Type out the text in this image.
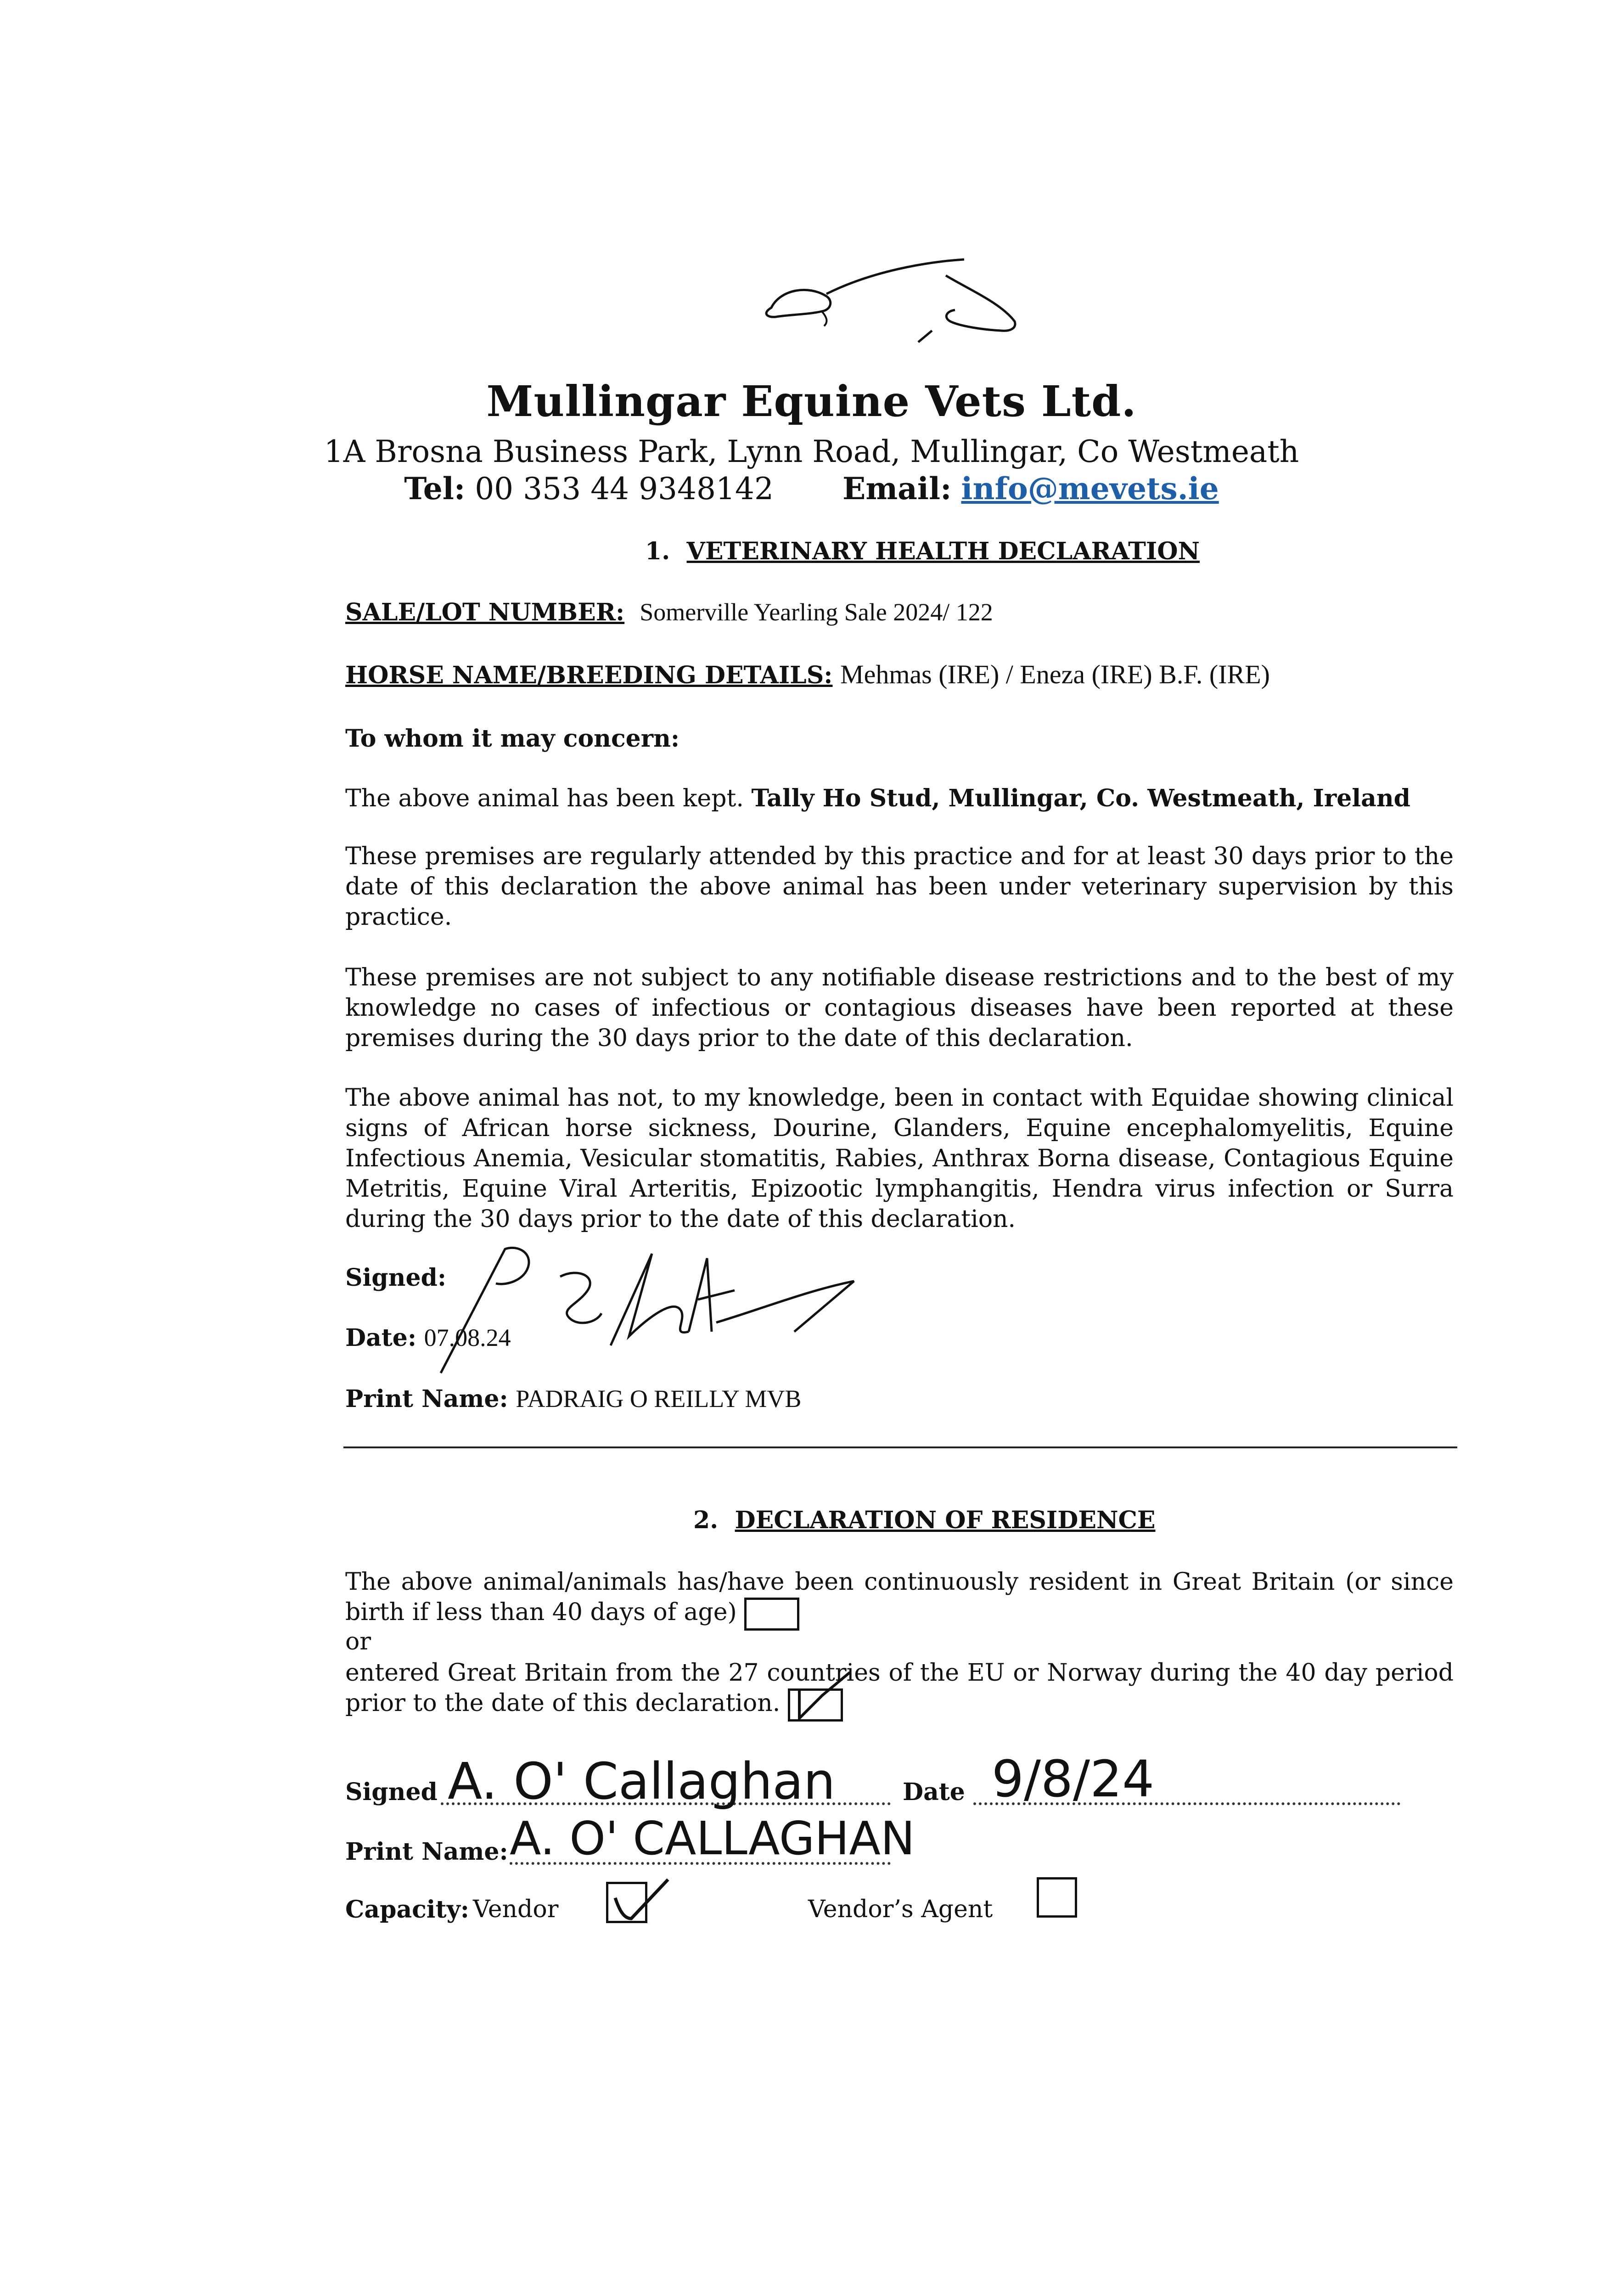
Mullingar Equine Vets Ltd.
1A Brosna Business Park, Lynn Road, Mullingar, Co Westmeath
Tel: 00 353 44 9348142 Email: info@mevets.ie
1. VETERINARY HEALTH DECLARATION
SALE/LOT NUMBER: Somerville Yearling Sale 2024/ 122
HORSE NAME/BREEDING DETAILS: Mehmas (IRE) / Eneza (IRE) B.F. (IRE)
To whom it may concern:
The above animal has been kept. Tally Ho Stud, Mullingar, Co. Westmeath, Ireland
These premises are regularly attended by this practice and for at least 30 days prior to the date of this declaration the above animal has been under veterinary supervision by this practice.
These premises are not subject to any notifiable disease restrictions and to the best of my knowledge no cases of infectious or contagious diseases have been reported at these premises during the 30 days prior to the date of this declaration.
The above animal has not, to my knowledge, been in contact with Equidae showing clinical signs of African horse sickness, Dourine, Glanders, Equine encephalomyelitis, Equine Infectious Anemia, Vesicular stomatitis, Rabies, Anthrax Borna disease, Contagious Equine Metritis, Equine Viral Arteritis, Epizootic lymphangitis, Hendra virus infection or Surra during the 30 days prior to the date of this declaration.
Signed:
Date: 07.08.24
Print Name: PADRAIG O REILLY MVB
2. DECLARATION OF RESIDENCE
The above animal/animals has/have been continuously resident in Great Britain (or since birth if less than 40 days of age)
or
entered Great Britain from the 27 countries of the EU or Norway during the 40 day period prior to the date of this declaration.
Signed A. O' Callaghan	Date 9/8/24
Print Name: A. O' CALLAGHAN
Capacity: Vendor	Vendor’s Agent
